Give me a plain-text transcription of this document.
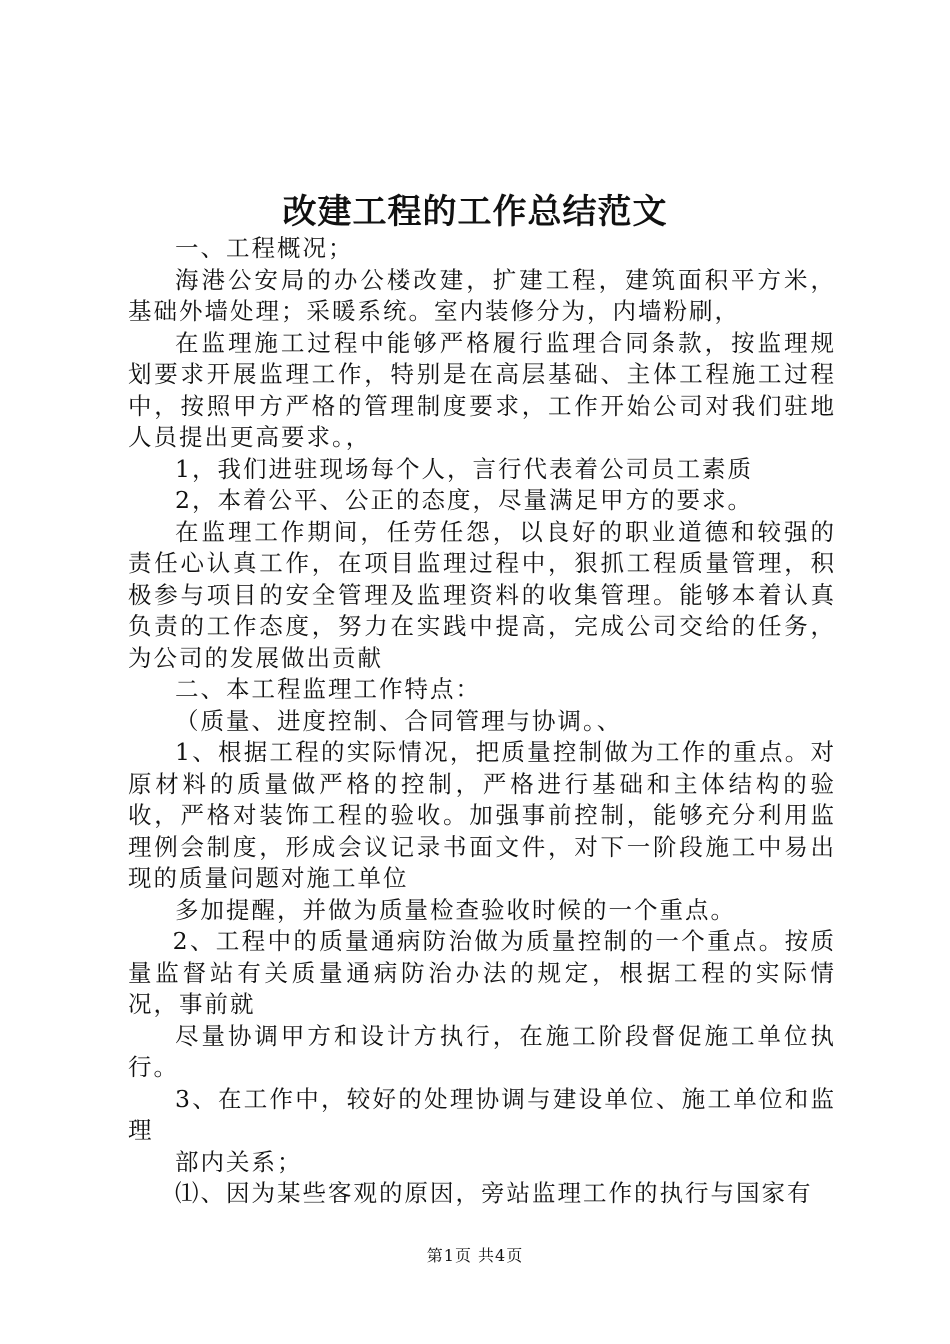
改建工程的工作总结范文

一、工程概况；

海港公安局的办公楼改建，扩建工程，建筑面积平方米，基础外墙处理；采暖系统。室内装修分为，内墙粉刷，

在监理施工过程中能够严格履行监理合同条款，按监理规划要求开展监理工作，特别是在高层基础、主体工程施工过程中，按照甲方严格的管理制度要求，工作开始公司对我们驻地人员提出更高要求。，

1，我们进驻现场每个人，言行代表着公司员工素质

2，本着公平、公正的态度，尽量满足甲方的要求。

在监理工作期间，任劳任怨，以良好的职业道德和较强的责任心认真工作，在项目监理过程中，狠抓工程质量管理，积极参与项目的安全管理及监理资料的收集管理。能够本着认真负责的工作态度，努力在实践中提高，完成公司交给的任务，为公司的发展做出贡献

二、本工程监理工作特点：

（质量、进度控制、合同管理与协调。、

1、根据工程的实际情况，把质量控制做为工作的重点。对原材料的质量做严格的控制，严格进行基础和主体结构的验收，严格对装饰工程的验收。加强事前控制，能够充分利用监理例会制度，形成会议记录书面文件，对下一阶段施工中易出现的质量问题对施工单位

多加提醒，并做为质量检查验收时候的一个重点。

2、工程中的质量通病防治做为质量控制的一个重点。按质量监督站有关质量通病防治办法的规定，根据工程的实际情况，事前就

尽量协调甲方和设计方执行，在施工阶段督促施工单位执行。

3、在工作中，较好的处理协调与建设单位、施工单位和监理

部内关系；

⑴、因为某些客观的原因，旁站监理工作的执行与国家有

第1页 共4页
